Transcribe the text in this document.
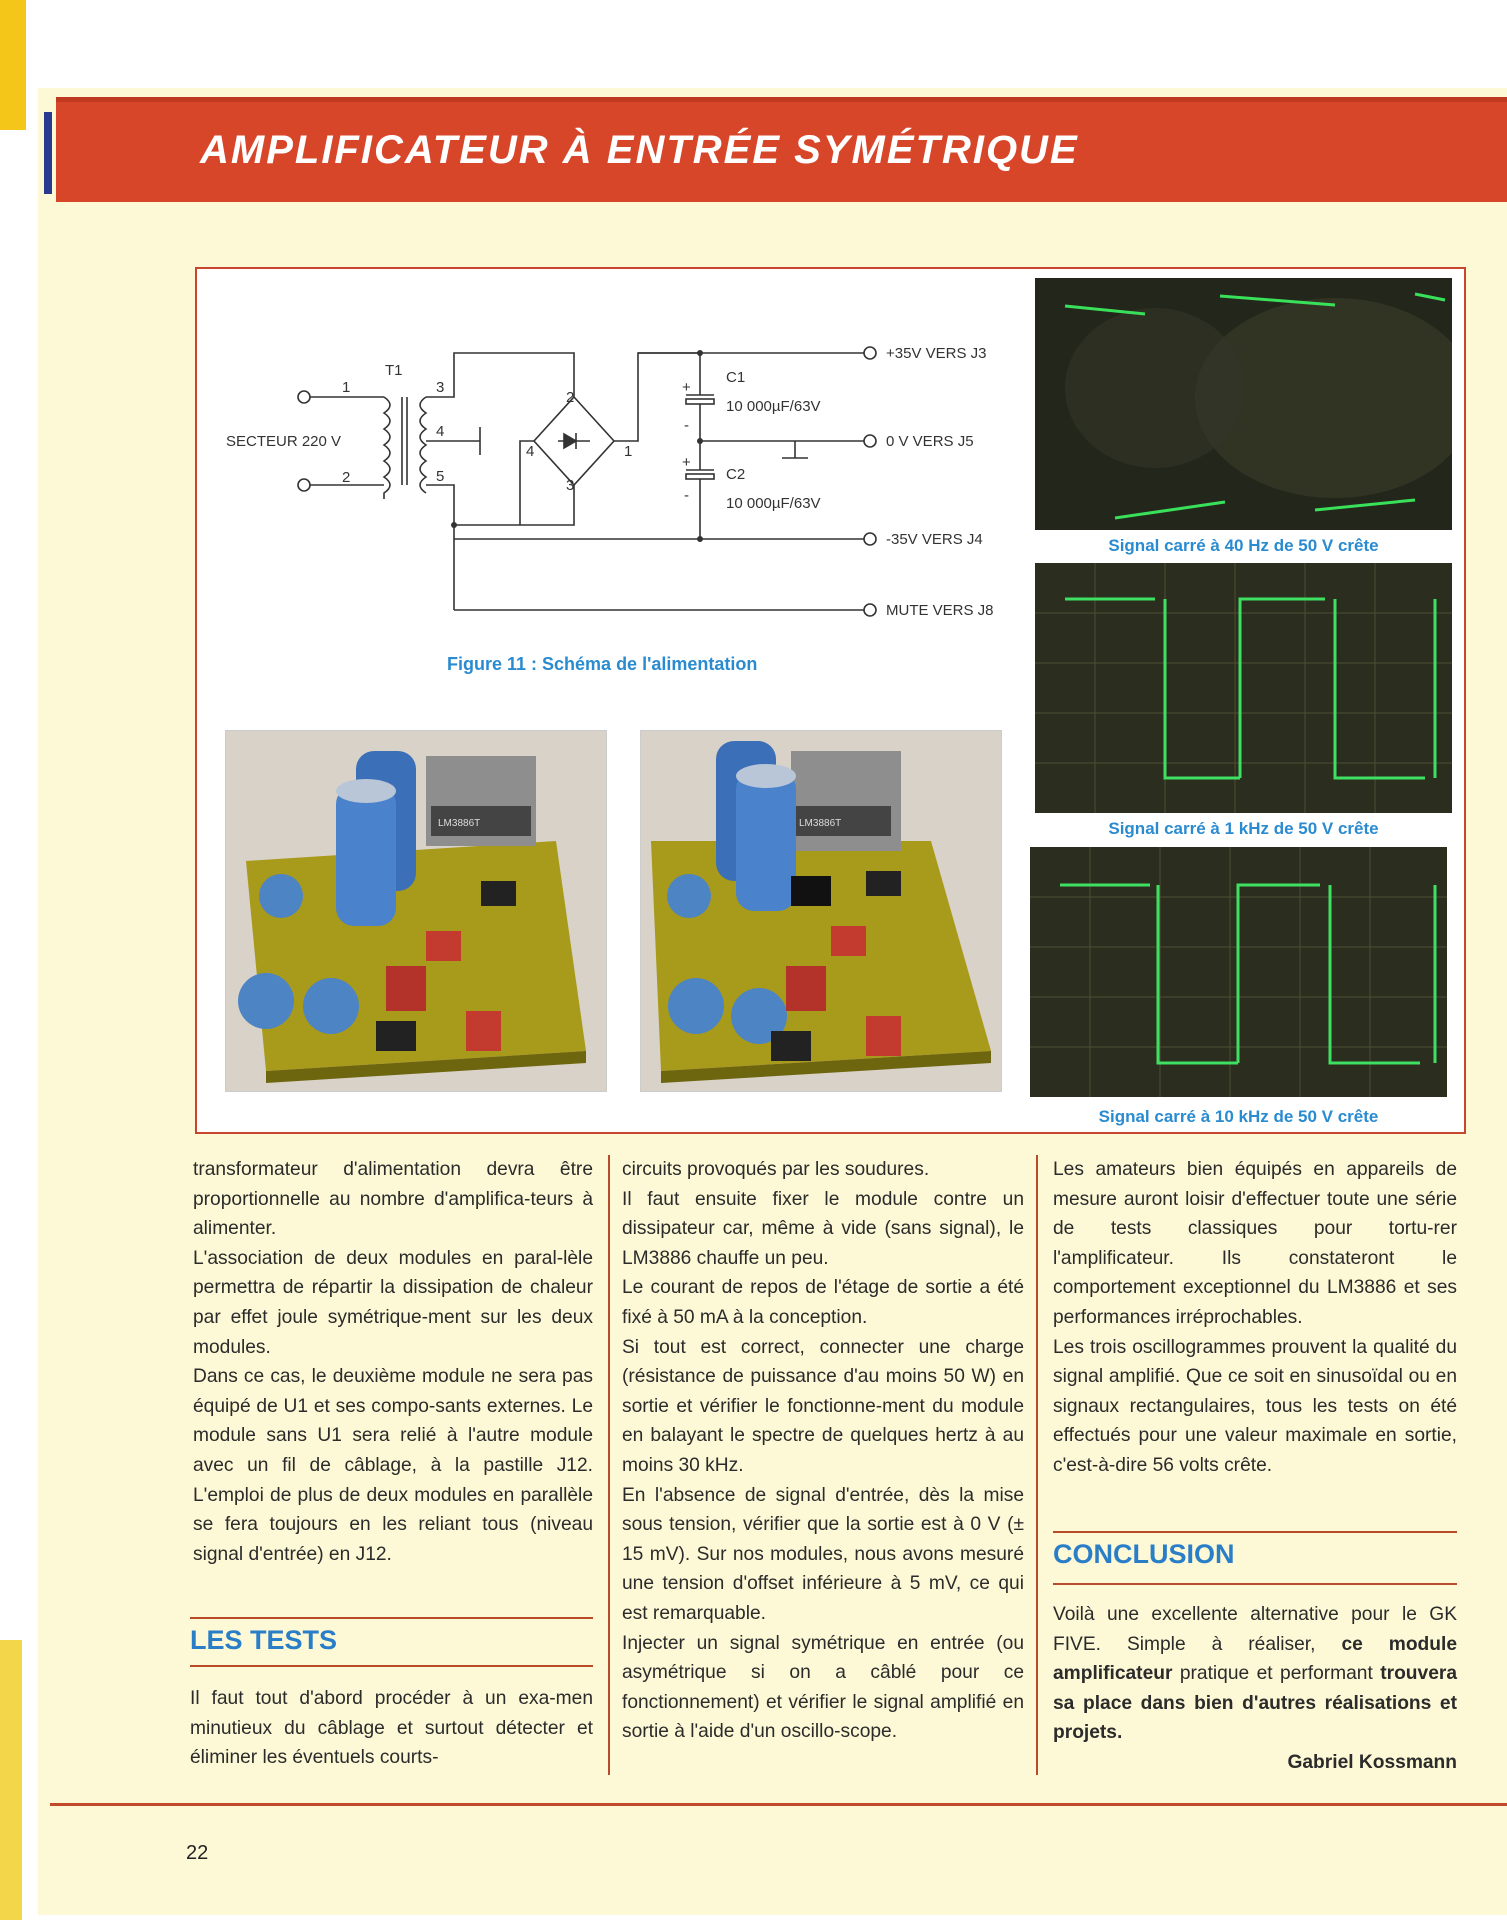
AMPLIFICATEUR À ENTRÉE SYMÉTRIQUE
SECTEUR 220 V
T1
1
2
3
4
5
2
4	1
3
C1
10 000µF/63V
+
-
C2
10 000µF/63V
+
-
+35V VERS J3
0 V VERS J5
-35V VERS J4
MUTE VERS J8
Figure 11 : Schéma de l'alimentation
LM3886T	LM3886T
Signal carré à 40 Hz de 50 V crête
Signal carré à 1 kHz de 50 V crête
Signal carré à 10 kHz de 50 V crête

transformateur d'alimentation devra être proportionnelle au nombre d'amplifica-teurs à alimenter.

L'association de deux modules en paral-lèle permettra de répartir la dissipation de chaleur par effet joule symétrique-ment sur les deux modules.

Dans ce cas, le deuxième module ne sera pas équipé de U1 et ses compo-sants externes. Le module sans U1 sera relié à l'autre module avec un fil de câblage, à la pastille J12. L'emploi de plus de deux modules en parallèle se fera toujours en les reliant tous (niveau signal d'entrée) en J12.

LES TESTS

Il faut tout d'abord procéder à un exa-men minutieux du câblage et surtout détecter et éliminer les éventuels courts-

circuits provoqués par les soudures.

Il faut ensuite fixer le module contre un dissipateur car, même à vide (sans signal), le LM3886 chauffe un peu.

Le courant de repos de l'étage de sortie a été fixé à 50 mA à la conception.

Si tout est correct, connecter une charge (résistance de puissance d'au moins 50 W) en sortie et vérifier le fonctionne-ment du module en balayant le spectre de quelques hertz à au moins 30 kHz.

En l'absence de signal d'entrée, dès la mise sous tension, vérifier que la sortie est à 0 V (± 15 mV). Sur nos modules, nous avons mesuré une tension d'offset inférieure à 5 mV, ce qui est remarquable.

Injecter un signal symétrique en entrée (ou asymétrique si on a câblé pour ce fonctionnement) et vérifier le signal amplifié en sortie à l'aide d'un oscillo-scope.

Les amateurs bien équipés en appareils de mesure auront loisir d'effectuer toute une série de tests classiques pour tortu-rer l'amplificateur. Ils constateront le comportement exceptionnel du LM3886 et ses performances irréprochables.

Les trois oscillogrammes prouvent la qualité du signal amplifié. Que ce soit en sinusoïdal ou en signaux rectangulaires, tous les tests on été effectués pour une valeur maximale en sortie, c'est-à-dire 56 volts crête.

CONCLUSION

Voilà une excellente alternative pour le GK FIVE. Simple à réaliser, ce module amplificateur pratique et performant trouvera sa place dans bien d'autres réalisations et projets.

Gabriel Kossmann

22
